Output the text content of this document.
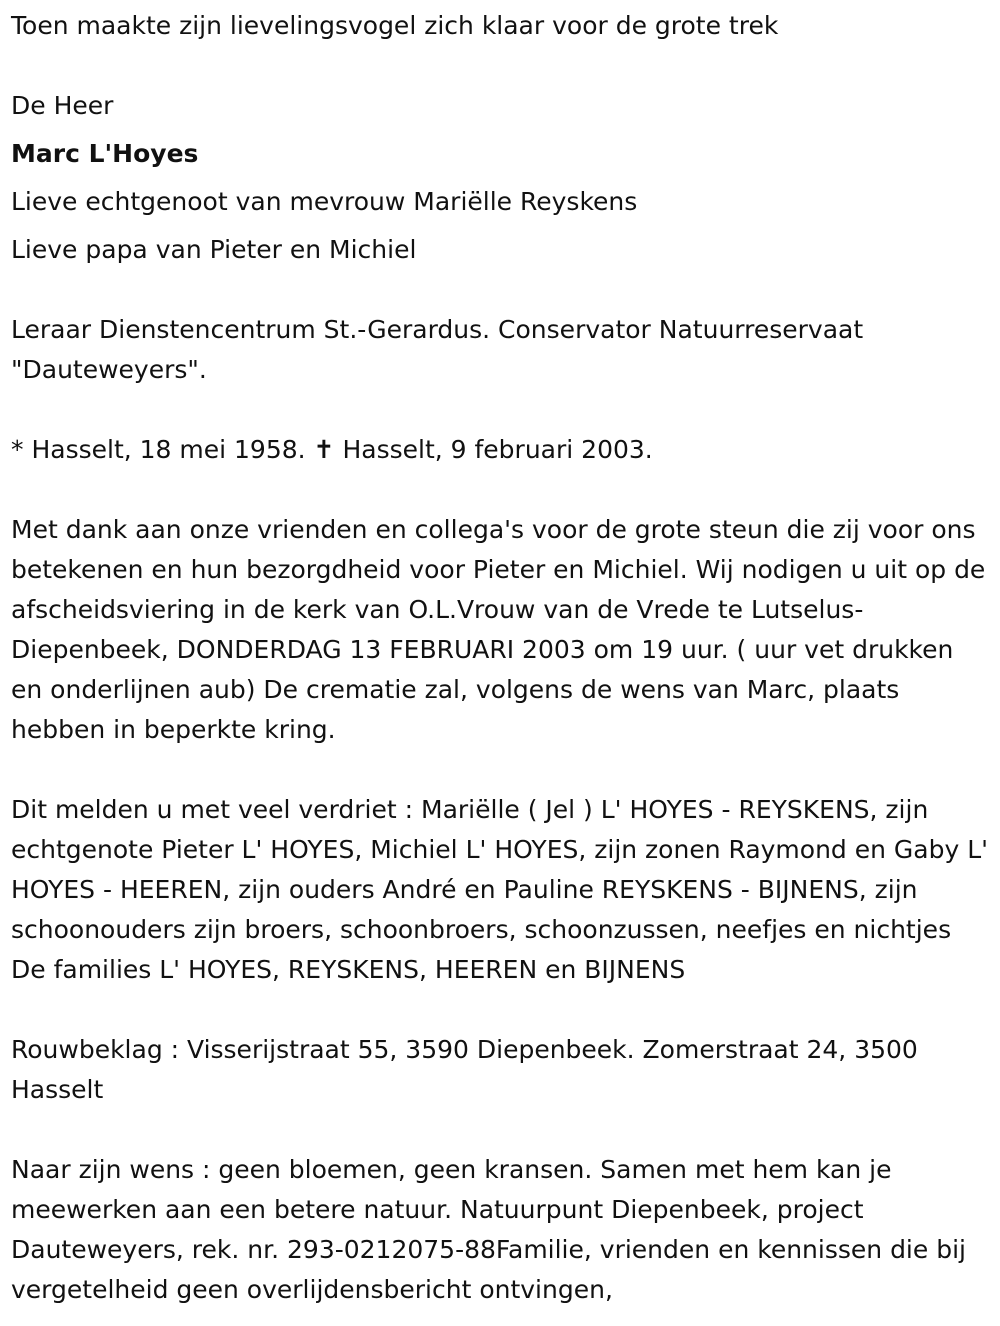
Toen maakte zijn lievelingsvogel zich klaar voor de grote trek

De Heer

Marc L'Hoyes

Lieve echtgenoot van mevrouw Mariëlle Reyskens

Lieve papa van Pieter en Michiel

Leraar Dienstencentrum St.-Gerardus. Conservator Natuurreservaat "Dauteweyers".

* Hasselt, 18 mei 1958. ✝ Hasselt, 9 februari 2003.

Met dank aan onze vrienden en collega's voor de grote steun die zij voor ons betekenen en hun bezorgdheid voor Pieter en Michiel. Wij nodigen u uit op de afscheidsviering in de kerk van O.L.Vrouw van de Vrede te Lutselus-Diepenbeek, DONDERDAG 13 FEBRUARI 2003 om 19 uur. ( uur vet drukken en onderlijnen aub) De crematie zal, volgens de wens van Marc, plaats hebben in beperkte kring.

Dit melden u met veel verdriet : Mariëlle ( Jel ) L' HOYES - REYSKENS, zijn echtgenote Pieter L' HOYES, Michiel L' HOYES, zijn zonen Raymond en Gaby L' HOYES - HEEREN, zijn ouders André en Pauline REYSKENS - BIJNENS, zijn schoonouders zijn broers, schoonbroers, schoonzussen, neefjes en nichtjes De families L' HOYES, REYSKENS, HEEREN en BIJNENS

Rouwbeklag : Visserijstraat 55, 3590 Diepenbeek. Zomerstraat 24, 3500 Hasselt

Naar zijn wens : geen bloemen, geen kransen. Samen met hem kan je meewerken aan een betere natuur. Natuurpunt Diepenbeek, project Dauteweyers, rek. nr. 293-0212075-88Familie, vrienden en kennissen die bij vergetelheid geen overlijdensbericht ontvingen,
